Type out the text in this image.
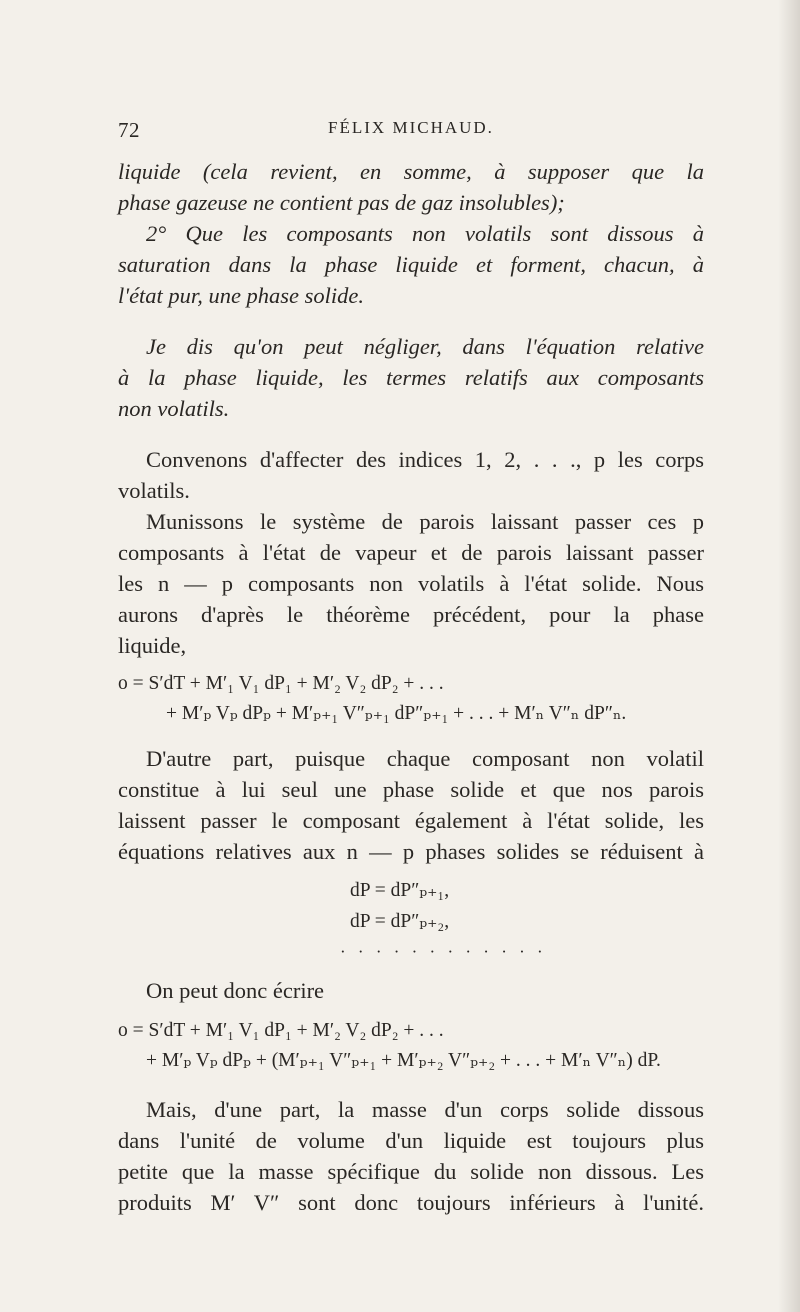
72	FÉLIX MICHAUD.

liquide (cela revient, en somme, à supposer que la
phase gazeuse ne contient pas de gaz insolubles);

2° Que les composants non volatils sont dissous à
saturation dans la phase liquide et forment, chacun, à
l'état pur, une phase solide.

Je dis qu'on peut négliger, dans l'équation relative
à la phase liquide, les termes relatifs aux composants
non volatils.

Convenons d'affecter des indices 1, 2, . . ., p les corps
volatils.

Munissons le système de parois laissant passer ces p
composants à l'état de vapeur et de parois laissant passer
les n — p composants non volatils à l'état solide. Nous
aurons d'après le théorème précédent, pour la phase
liquide,

o = S′dT + M′₁ V₁ dP₁ + M′₂ V₂ dP₂ + . . .
+ M′ₚ Vₚ dPₚ + M′ₚ₊₁ V″ₚ₊₁ dP″ₚ₊₁ + . . . + M′ₙ V″ₙ dP″ₙ.

D'autre part, puisque chaque composant non volatil
constitue à lui seul une phase solide et que nos parois
laissent passer le composant également à l'état solide, les
équations relatives aux n — p phases solides se réduisent à

dP = dP″ₚ₊₁,
dP = dP″ₚ₊₂,
· · · · · · · · · · · ·

On peut donc écrire

o = S′dT + M′₁ V₁ dP₁ + M′₂ V₂ dP₂ + . . .
+ M′ₚ Vₚ dPₚ + (M′ₚ₊₁ V″ₚ₊₁ + M′ₚ₊₂ V″ₚ₊₂ + . . . + M′ₙ V″ₙ) dP.

Mais, d'une part, la masse d'un corps solide dissous
dans l'unité de volume d'un liquide est toujours plus
petite que la masse spécifique du solide non dissous. Les
produits M′ V″ sont donc toujours inférieurs à l'unité.
